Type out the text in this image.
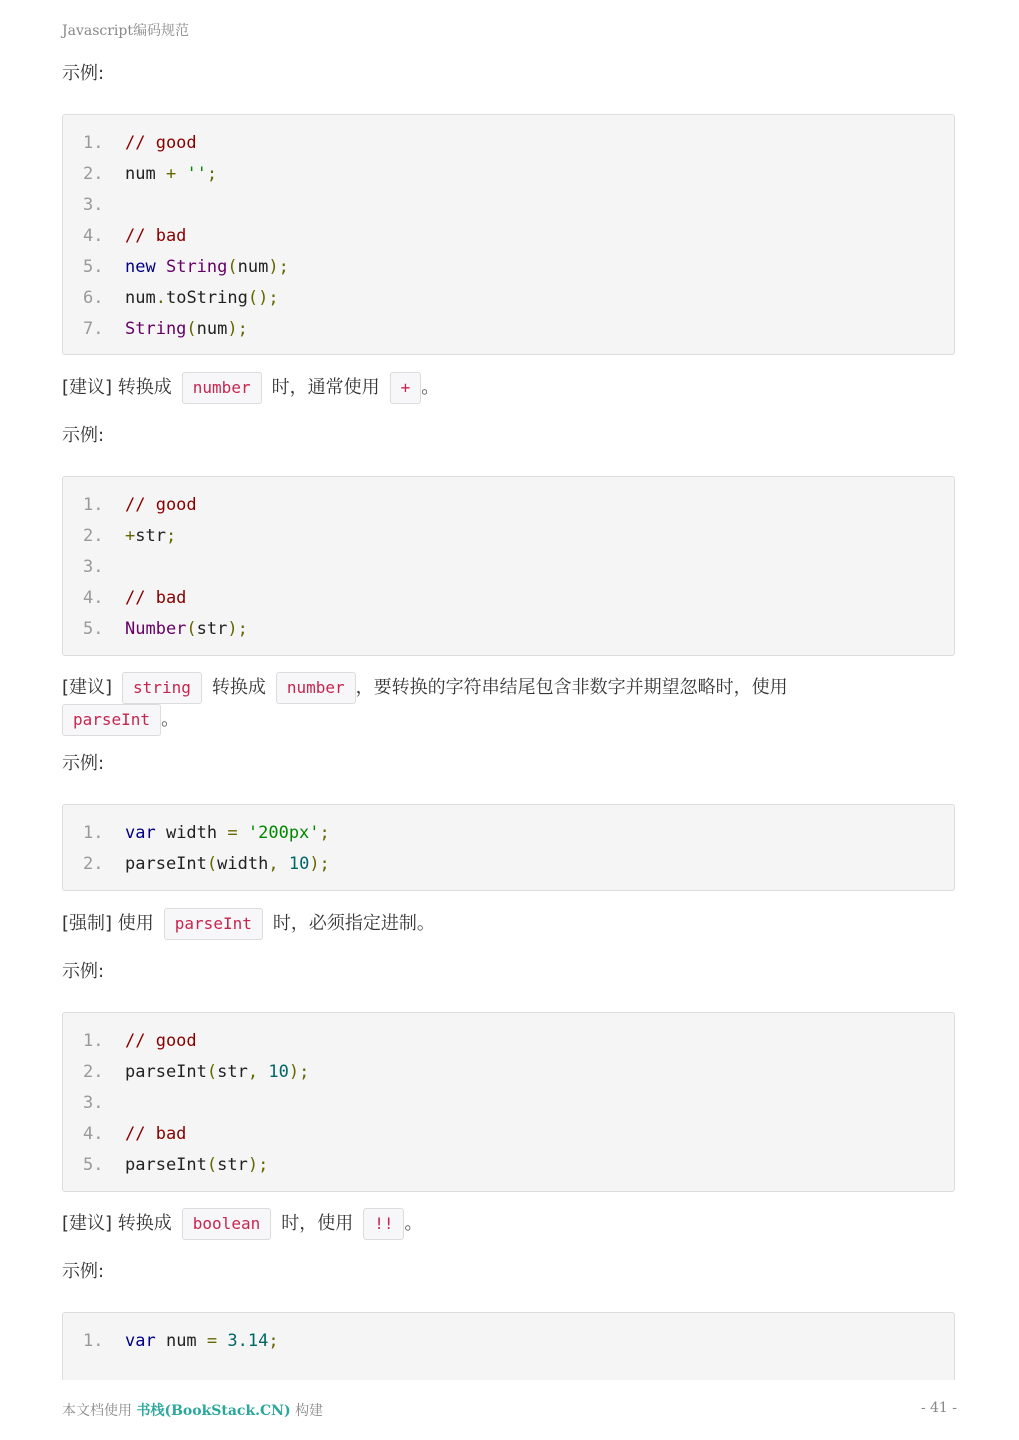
Javascript编码规范
示例:
1. // good
2. num + '';
3.
4. // bad
5. new String(num);
6. num.toString();
7. String(num);
[建议] 转换成 number 时，通常使用 + 。
示例:
1. // good
2. +str;
3.
4. // bad
5. Number(str);
[建议] string 转换成 number ，要转换的字符串结尾包含非数字并期望忽略时，使用
parseInt 。
示例:
1. var width = '200px';
2. parseInt(width, 10);
[强制] 使用 parseInt 时，必须指定进制。
示例:
1. // good
2. parseInt(str, 10);
3.
4. // bad
5. parseInt(str);
[建议] 转换成 boolean 时，使用 !! 。
示例:
1. var num = 3.14;
本文档使用 书栈(BookStack.CN) 构建	- 41 -
